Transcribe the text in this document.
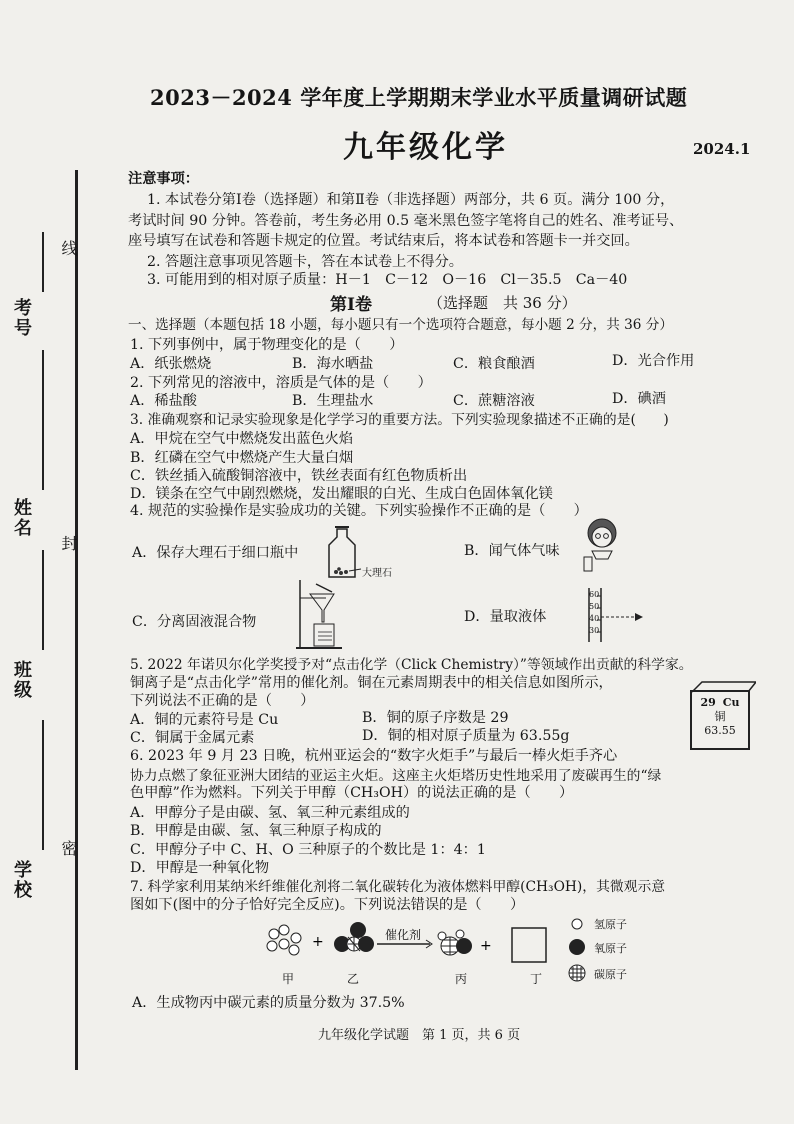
考号
姓名
班级
学校
线
封
密
2023－2024 学年度上学期期末学业水平质量调研试题
九年级化学	2024.1
注意事项：
1. 本试卷分第Ⅰ卷（选择题）和第Ⅱ卷（非选择题）两部分，共 6 页。满分 100 分，
考试时间 90 分钟。答卷前，考生务必用 0.5 毫米黑色签字笔将自己的姓名、准考证号、
座号填写在试卷和答题卡规定的位置。考试结束后，将本试卷和答题卡一并交回。
2. 答题注意事项见答题卡，答在本试卷上不得分。
3. 可能用到的相对原子质量：H－1　C－12　O－16　Cl－35.5　Ca－40
第Ⅰ卷	（选择题　共 36 分）
一、选择题（本题包括 18 小题，每小题只有一个选项符合题意，每小题 2 分，共 36 分）
1. 下列事例中，属于物理变化的是（　　）
A．纸张燃烧	B．海水晒盐	C．粮食酿酒	D．光合作用
2. 下列常见的溶液中，溶质是气体的是（　　）
A．稀盐酸	B．生理盐水	C．蔗糖溶液	D．碘酒
3. 准确观察和记录实验现象是化学学习的重要方法。下列实验现象描述不正确的是(　　)
A．甲烷在空气中燃烧发出蓝色火焰
B．红磷在空气中燃烧产生大量白烟
C．铁丝插入硫酸铜溶液中，铁丝表面有红色物质析出
D．镁条在空气中剧烈燃烧，发出耀眼的白光、生成白色固体氧化镁
4. 规范的实验操作是实验成功的关键。下列实验操作不正确的是（　　）
A．保存大理石于细口瓶中
大理石
B．闻气体气味
C．分离固液混合物	D．量取液体
60
50
40
30
5. 2022 年诺贝尔化学奖授予对“点击化学（Click Chemistry）”等领域作出贡献的科学家。
铜离子是“点击化学”常用的催化剂。铜在元素周期表中的相关信息如图所示，
下列说法不正确的是（　　）
A．铜的元素符号是 Cu	B．铜的原子序数是 29
C．铜属于金属元素	D．铜的相对原子质量为 63.55g
29 Cu
铜
63.55
6. 2023 年 9 月 23 日晚，杭州亚运会的“数字火炬手”与最后一棒火炬手齐心
协力点燃了象征亚洲大团结的亚运主火炬。这座主火炬塔历史性地采用了废碳再生的“绿
色甲醇”作为燃料。下列关于甲醇（CH₃OH）的说法正确的是（　　）
A．甲醇分子是由碳、氢、氧三种元素组成的
B．甲醇是由碳、氢、氧三种原子构成的
C．甲醇分子中 C、H、O 三种原子的个数比是 1：4：1
D．甲醇是一种氧化物
7. 科学家利用某纳米纤维催化剂将二氧化碳转化为液体燃料甲醇(CH₃OH)，其微观示意
图如下(图中的分子恰好完全反应)。下列说法错误的是（　　）
+	+
催化剂
甲	乙	丙	丁
氢原子
氧原子
碳原子
A．生成物丙中碳元素的质量分数为 37.5%
九年级化学试题　第 1 页，共 6 页
